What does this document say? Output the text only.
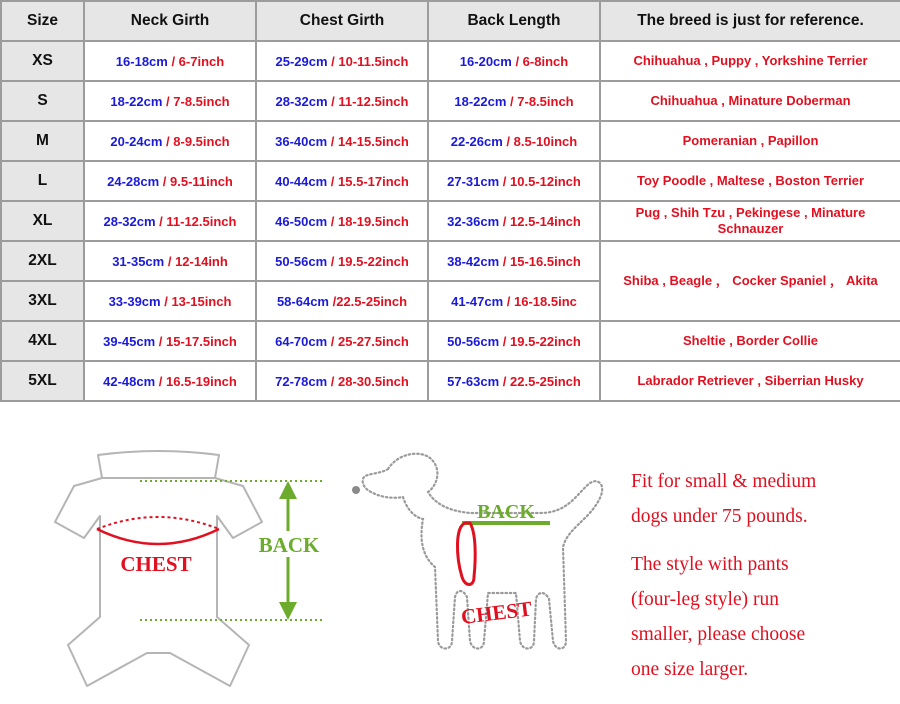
Size	Neck Girth	Chest Girth	Back Length	The breed is just for reference.
XS	16-18cm / 6-7inch	25-29cm / 10-11.5inch	16-20cm / 6-8inch	Chihuahua , Puppy , Yorkshine Terrier
S	18-22cm / 7-8.5inch	28-32cm / 11-12.5inch	18-22cm / 7-8.5inch	Chihuahua , Minature Doberman
M	20-24cm / 8-9.5inch	36-40cm / 14-15.5inch	22-26cm / 8.5-10inch	Pomeranian , Papillon
L	24-28cm / 9.5-11inch	40-44cm / 15.5-17inch	27-31cm / 10.5-12inch	Toy Poodle , Maltese , Boston Terrier
XL	28-32cm / 11-12.5inch	46-50cm / 18-19.5inch	32-36cm / 12.5-14inch	Pug , Shih Tzu , Pekingese , Minature Schnauzer
2XL	31-35cm / 12-14inh	50-56cm / 19.5-22inch	38-42cm / 15-16.5inch	Shiba , Beagle ， Cocker Spaniel ， Akita
3XL	33-39cm / 13-15inch	58-64cm /22.5-25inch	41-47cm / 16-18.5inc	
4XL	39-45cm / 15-17.5inch	64-70cm / 25-27.5inch	50-56cm / 19.5-22inch	Sheltie , Border Collie
5XL	42-48cm / 16.5-19inch	72-78cm / 28-30.5inch	57-63cm / 22.5-25inch	Labrador Retriever , Siberrian Husky
CHEST
BACK
BACK
CHEST
Fit for small & medium
dogs under 75 pounds.
The style with pants
(four-leg style) run
smaller, please choose
one size larger.
